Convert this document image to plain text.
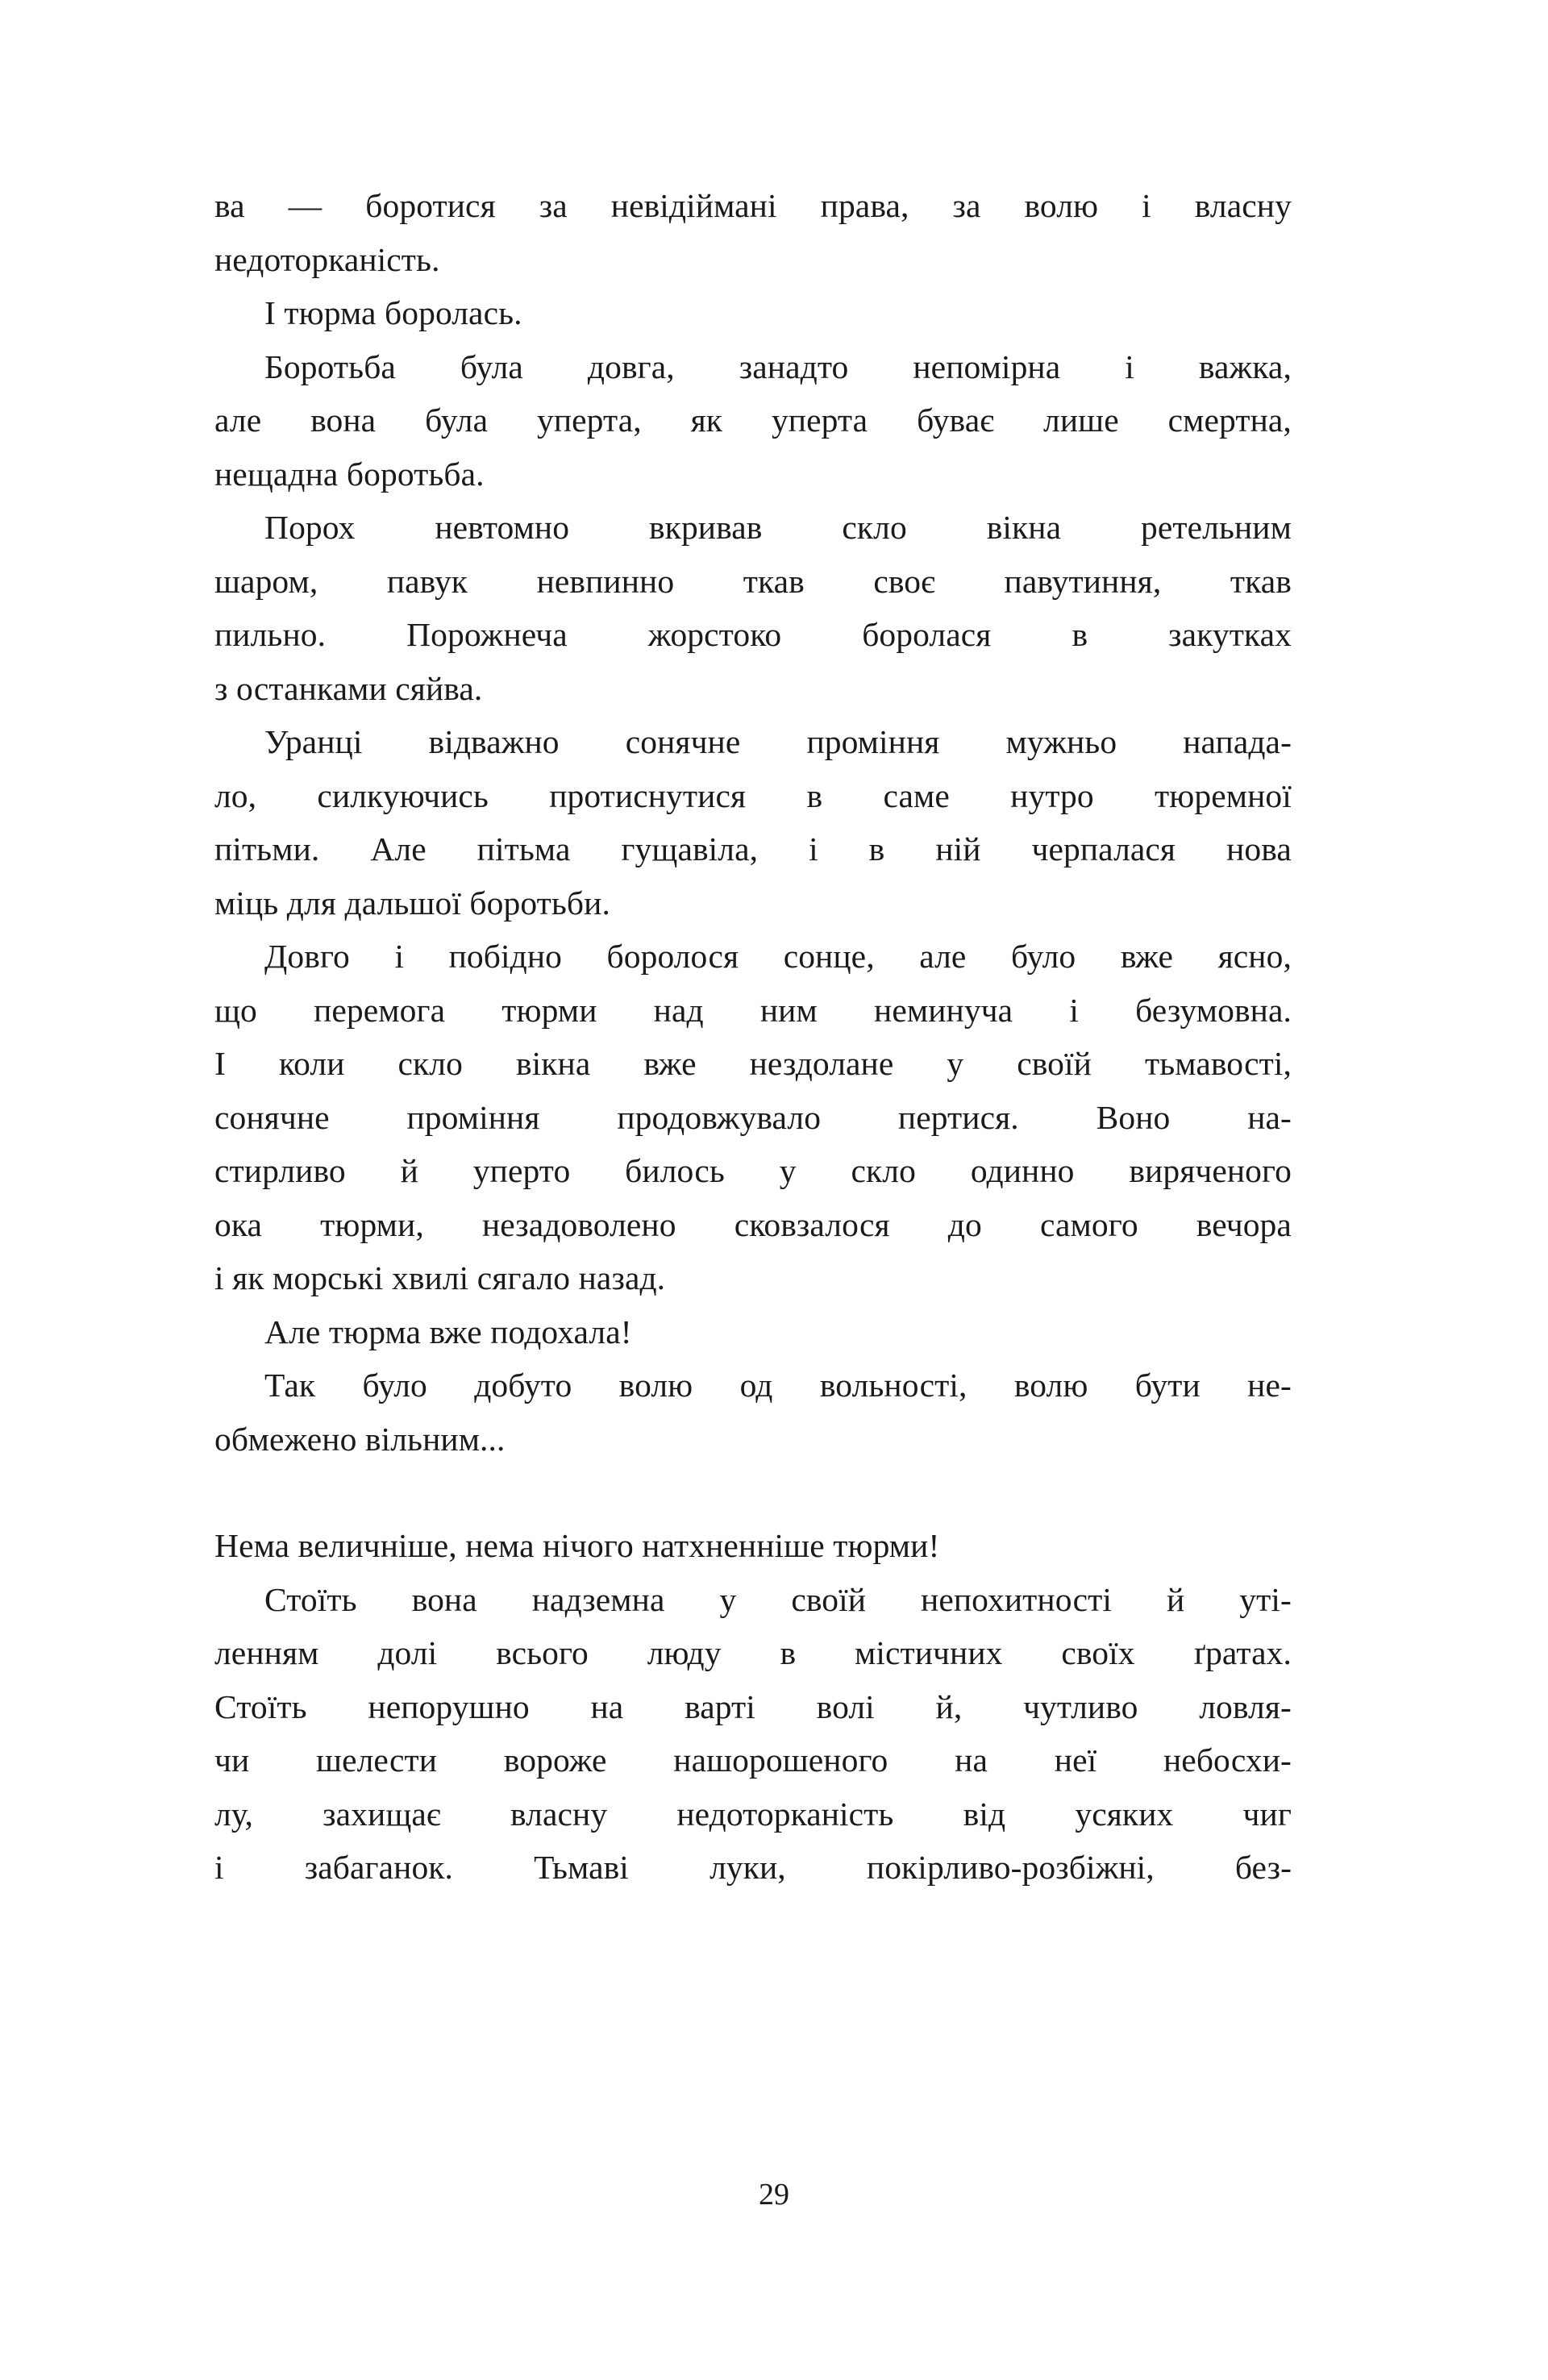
ва — боротися за невідіймані права, за волю і власну
недоторканість.
І тюрма боролась.
Боротьба була довга, занадто непомірна і важка,
але вона була уперта, як уперта буває лише смертна,
нещадна боротьба.
Порох невтомно вкривав скло вікна ретельним
шаром, павук невпинно ткав своє павутиння, ткав
пильно. Порожнеча жорстоко боролася в закутках
з останками сяйва.
Уранці відважно сонячне проміння мужньо напада-
ло, силкуючись протиснутися в саме нутро тюремної
пітьми. Але пітьма гущавіла, і в ній черпалася нова
міць для дальшої боротьби.
Довго і побідно боролося сонце, але було вже ясно,
що перемога тюрми над ним неминуча і безумовна.
І коли скло вікна вже нездолане у своїй тьмавості,
сонячне проміння продовжувало пертися. Воно на-
стирливо й уперто билось у скло одинно виряченого
ока тюрми, незадоволено сковзалося до самого вечора
і як морські хвилі сягало назад.
Але тюрма вже подохала!
Так було добуто волю од вольності, волю бути не-
обмежено вільним...
Нема величніше, нема нічого натхненніше тюрми!
Стоїть вона надземна у своїй непохитності й уті-
ленням долі всього люду в містичних своїх ґратах.
Стоїть непорушно на варті волі й, чутливо ловля-
чи шелести вороже нашорошеного на неї небосхи-
лу, захищає власну недоторканість від усяких чиг
і забаганок. Тьмаві луки, покірливо-розбіжні, без-
29
